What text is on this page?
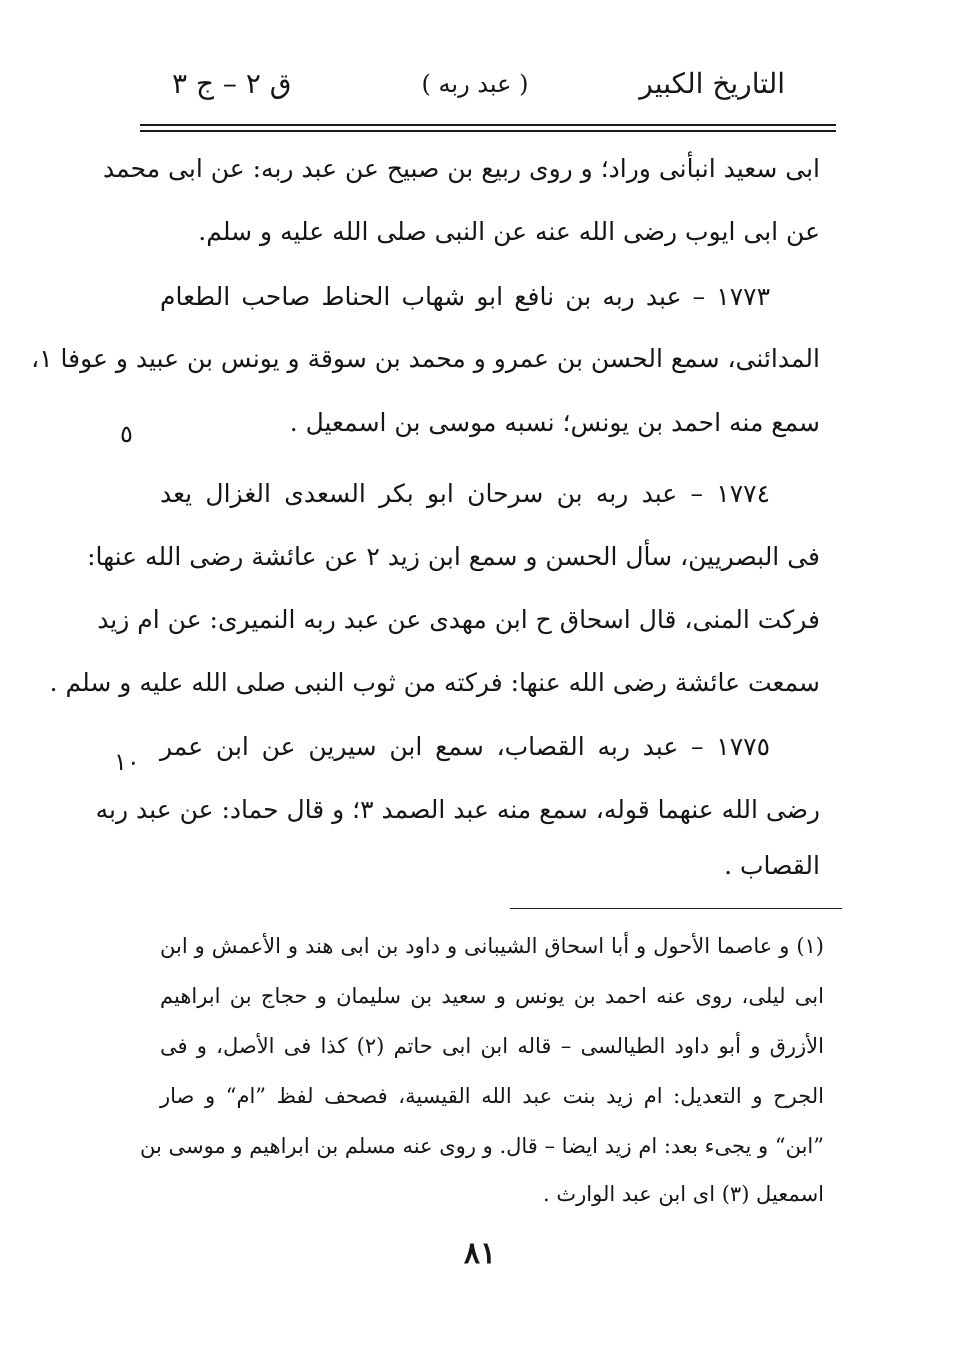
التاريخ الكبير
( عبد ربه )
ق ٢ – ج ٣
ابى سعيد انبأنى وراد؛ و روى ربيع بن صبيح عن عبد ربه: عن ابى محمد
عن ابى ايوب رضى الله عنه عن النبى صلى الله عليه و سلم.
١٧٧٣ – عبد ربه بن نافع ابو شهاب الحناط صاحب الطعام
المدائنى، سمع الحسن بن عمرو و محمد بن سوقة و يونس بن عبيد و عوفا ١،
سمع منه احمد بن يونس؛ نسبه موسى بن اسمعيل .
١٧٧٤ – عبد ربه بن سرحان ابو بكر السعدى الغزال يعد
فى البصريين، سأل الحسن و سمع ابن زيد ٢ عن عائشة رضى الله عنها:
فركت المنى، قال اسحاق ح ابن مهدى عن عبد ربه النميرى: عن ام زيد
سمعت عائشة رضى الله عنها: فركته من ثوب النبى صلى الله عليه و سلم .
١٧٧٥ – عبد ربه القصاب، سمع ابن سيرين عن ابن عمر
رضى الله عنهما قوله، سمع منه عبد الصمد ٣؛ و قال حماد: عن عبد ربه
القصاب .
٥
١٠
(١) و عاصما الأحول و أبا اسحاق الشيبانى و داود بن ابى هند و الأعمش و ابن
ابى ليلى، روى عنه احمد بن يونس و سعيد بن سليمان و حجاج بن ابراهيم
الأزرق و أبو داود الطيالسى – قاله ابن ابى حاتم (٢) كذا فى الأصل، و فى
الجرح و التعديل: ام زيد بنت عبد الله القيسية، فصحف لفظ ”ام“ و صار
”ابن“ و يجىء بعد: ام زيد ايضا – قال. و روى عنه مسلم بن ابراهيم و موسى بن
اسمعيل (٣) اى ابن عبد الوارث .
٨١
